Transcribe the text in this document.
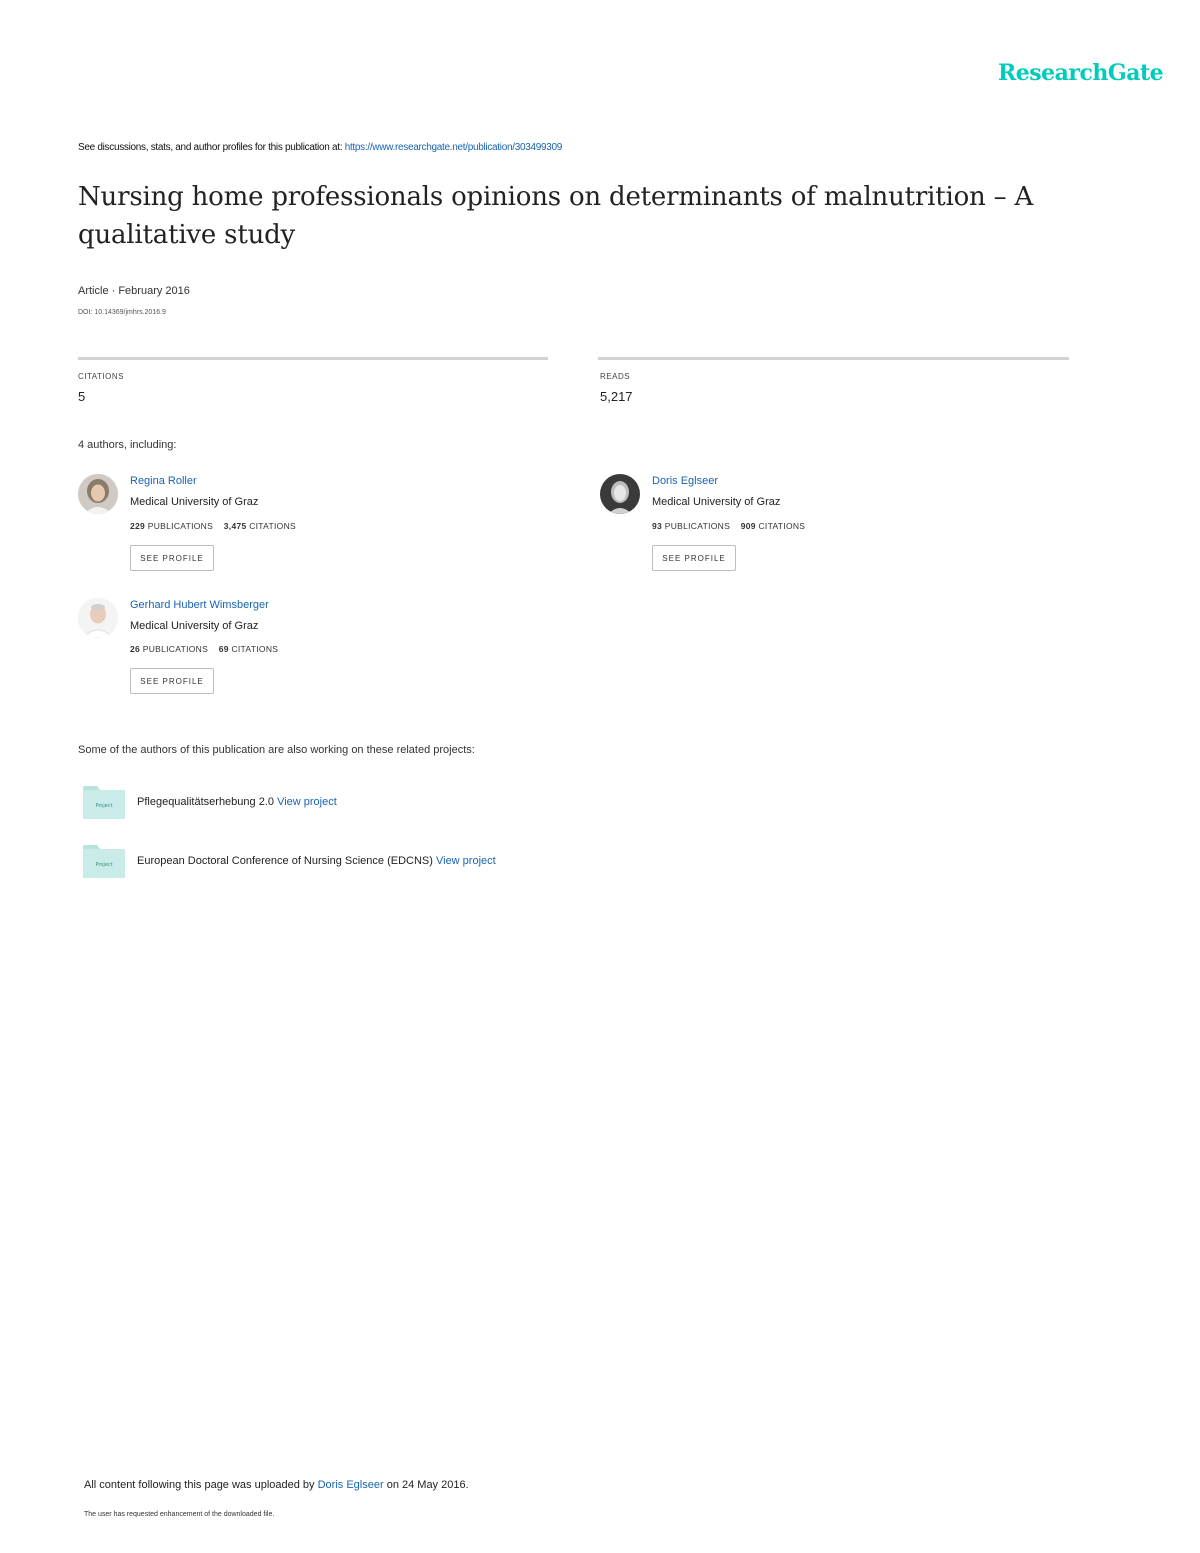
ResearchGate
See discussions, stats, and author profiles for this publication at: https://www.researchgate.net/publication/303499309
Nursing home professionals opinions on determinants of malnutrition – A qualitative study
Article · February 2016
DOI: 10.14369/jmhrs.2016.9
CITATIONS
5
READS
5,217
4 authors, including:
Regina Roller
Medical University of Graz
229 PUBLICATIONS 3,475 CITATIONS
SEE PROFILE
Doris Eglseer
Medical University of Graz
93 PUBLICATIONS 909 CITATIONS
SEE PROFILE
Gerhard Hubert Wimsberger
Medical University of Graz
26 PUBLICATIONS 69 CITATIONS
SEE PROFILE
Some of the authors of this publication are also working on these related projects:
Project Pflegequalitätserhebung 2.0 View project
Project European Doctoral Conference of Nursing Science (EDCNS) View project
All content following this page was uploaded by Doris Eglseer on 24 May 2016.
The user has requested enhancement of the downloaded file.
